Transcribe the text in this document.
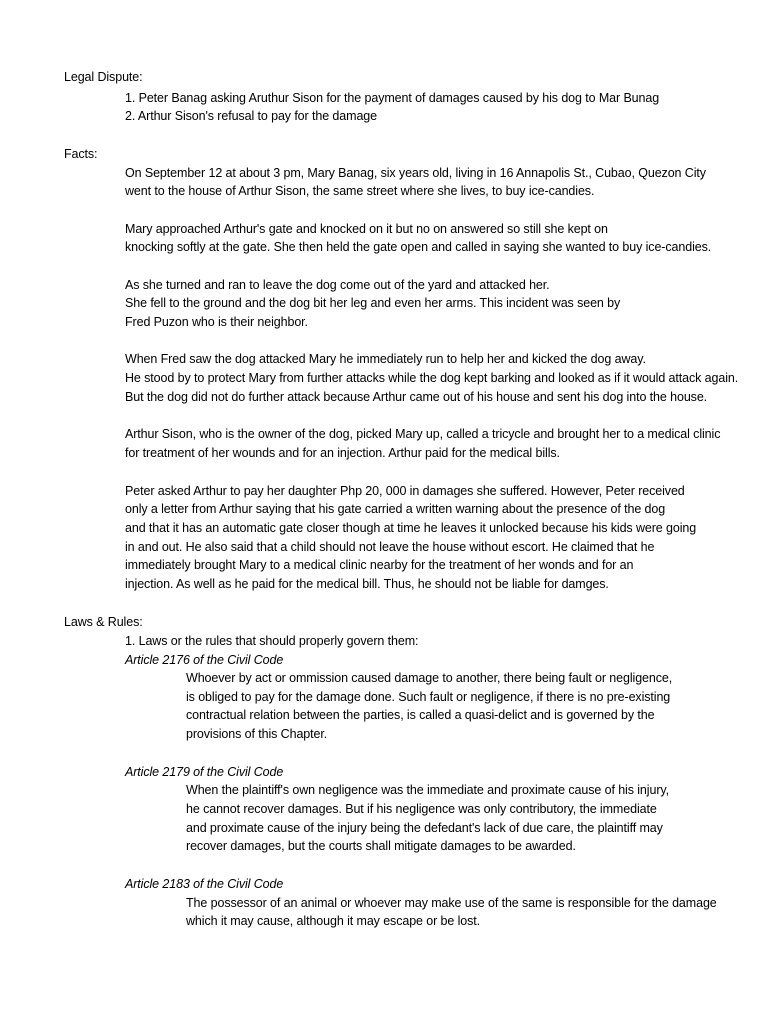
Legal Dispute:
1. Peter Banag asking Aruthur Sison for the payment of damages caused by his dog to Mar Bunag
2. Arthur Sison's refusal to pay for the damage
Facts:
On September 12 at about 3 pm, Mary Banag, six years old, living in 16 Annapolis St., Cubao, Quezon City
went to the house of Arthur Sison, the same street where she lives, to buy ice-candies.
Mary approached Arthur's gate and knocked on it but no on answered so still she kept on
knocking softly at the gate. She then held the gate open and called in saying she wanted to buy ice-candies.
As she turned and ran to leave the dog come out of the yard and attacked her.
She fell to the ground and the dog bit her leg and even her arms. This incident was seen by
Fred Puzon who is their neighbor.
When Fred saw the dog attacked Mary he immediately run to help her and kicked the dog away.
He stood by to protect Mary from further attacks while the dog kept barking and looked as if it would attack again.
But the dog did not do further attack because Arthur came out of his house and sent his dog into the house.
Arthur Sison, who is the owner of the dog, picked Mary up, called a tricycle and brought her to a medical clinic
for treatment of her wounds and for an injection. Arthur paid for the medical bills.
Peter asked Arthur to pay her daughter Php 20, 000 in damages she suffered. However, Peter received
only a letter from Arthur saying that his gate carried a written warning about the presence of the dog
and that it has an automatic gate closer though at time he leaves it unlocked because his kids were going
in and out. He also said that a child should not leave the house without escort. He claimed that he
immediately brought Mary to a medical clinic nearby for the treatment of her wonds and for an
injection. As well as he paid for the medical bill. Thus, he should not be liable for damges.
Laws & Rules:
1. Laws or the rules that should properly govern them:
Article 2176 of the Civil Code
Whoever by act or ommission caused damage to another, there being fault or negligence,
is obliged to pay for the damage done. Such fault or negligence, if there is no pre-existing
contractual relation between the parties, is called a quasi-delict and is governed by the
provisions of this Chapter.
Article 2179 of the Civil Code
When the plaintiff's own negligence was the immediate and proximate cause of his injury,
he cannot recover damages. But if his negligence was only contributory, the immediate
and proximate cause of the injury being the defedant's lack of due care, the plaintiff may
recover damages, but the courts shall mitigate damages to be awarded.
Article 2183 of the Civil Code
The possessor of an animal or whoever may make use of the same is responsible for the damage
which it may cause, although it may escape or be lost.
